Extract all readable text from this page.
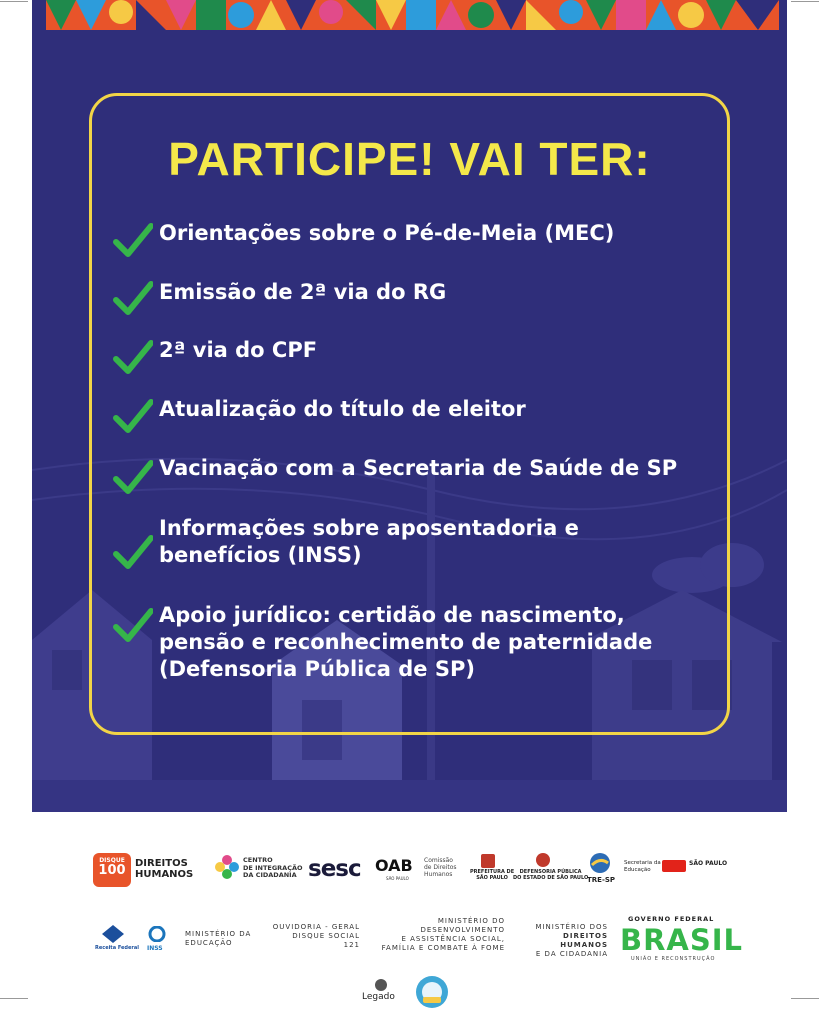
PARTICIPE! VAI TER:
Orientações sobre o Pé-de-Meia (MEC)
Emissão de 2ª via do RG
2ª via do CPF
Atualização do título de eleitor
Vacinação com a Secretaria de Saúde de SP
Informações sobre aposentadoria e
benefícios (INSS)
Apoio jurídico: certidão de nascimento,
pensão e reconhecimento de paternidade
(Defensoria Pública de SP)
DISQUE
100 DIREITOS
HUMANOS
CENTRO
DE INTEGRAÇÃO
DA CIDADANIA sesc OAB
SÃO PAULO
Comissão
de Direitos
Humanos	PREFEITURA DE
SÃO PAULO
DEFENSORIA PÚBLICA
DO ESTADO DE SÃO PAULO
TRE-SP
Secretaria da
Educação
SÃO PAULO
Receita Federal INSS
MINISTÉRIO DA
EDUCAÇÃO
OUVIDORIA - GERAL
DISQUE SOCIAL
121
MINISTÉRIO DO
DESENVOLVIMENTO
E ASSISTÊNCIA SOCIAL,
FAMÍLIA E COMBATE À FOME
MINISTÉRIO DOS
DIREITOS HUMANOS
E DA CIDADANIA
GOVERNO FEDERAL
BRASIL
UNIÃO E RECONSTRUÇÃO
Legado
